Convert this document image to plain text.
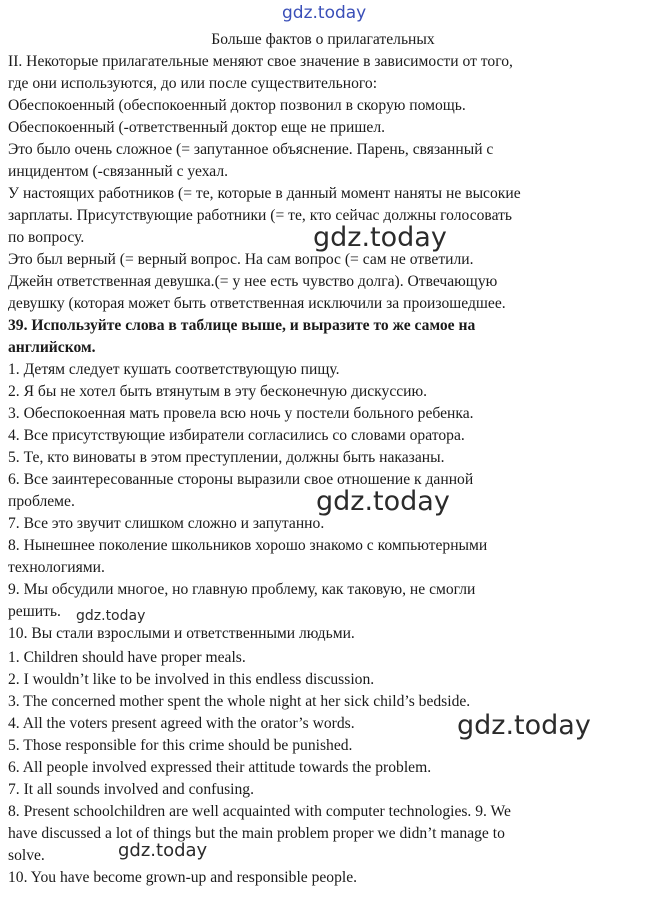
gdz.today
Больше фактов о прилагательных
II. Некоторые прилагательные меняют свое значение в зависимости от того,
где они используются, до или после существительного:
Обеспокоенный (обеспокоенный доктор позвонил в скорую помощь.
Обеспокоенный (-ответственный доктор еще не пришел.
Это было очень сложное (= запутанное объяснение. Парень, связанный с
инцидентом (-связанный с уехал.
У настоящих работников (= те, которые в данный момент наняты не высокие
зарплаты. Присутствующие работники (= те, кто сейчас должны голосовать
по вопросу.
Это был верный (= верный вопрос. На сам вопрос (= сам не ответили.
Джейн ответственная девушка.(= у нее есть чувство долга). Отвечающую
девушку (которая может быть ответственная исключили за произошедшее.
39. Используйте слова в таблице выше, и выразите то же самое на
английском.
1. Детям следует кушать соответствующую пищу.
2. Я бы не хотел быть втянутым в эту бесконечную дискуссию.
3. Обеспокоенная мать провела всю ночь у постели больного ребенка.
4. Все присутствующие избиратели согласились со словами оратора.
5. Те, кто виноваты в этом преступлении, должны быть наказаны.
6. Все заинтересованные стороны выразили свое отношение к данной
проблеме.
7. Все это звучит слишком сложно и запутанно.
8. Нынешнее поколение школьников хорошо знакомо с компьютерными
технологиями.
9. Мы обсудили многое, но главную проблему, как таковую, не смогли
решить.
10. Вы стали взрослыми и ответственными людьми.
1. Children should have proper meals.
2. I wouldn’t like to be involved in this endless discussion.
3. The concerned mother spent the whole night at her sick child’s bedside.
4. All the voters present agreed with the orator’s words.
5. Those responsible for this crime should be punished.
6. All people involved expressed their attitude towards the problem.
7. It all sounds involved and confusing.
8. Present schoolchildren are well acquainted with computer technologies. 9. We
have discussed a lot of things but the main problem proper we didn’t manage to
solve.
10. You have become grown-up and responsible people.
gdz.today
gdz.today
gdz.today
gdz.today
gdz.today
